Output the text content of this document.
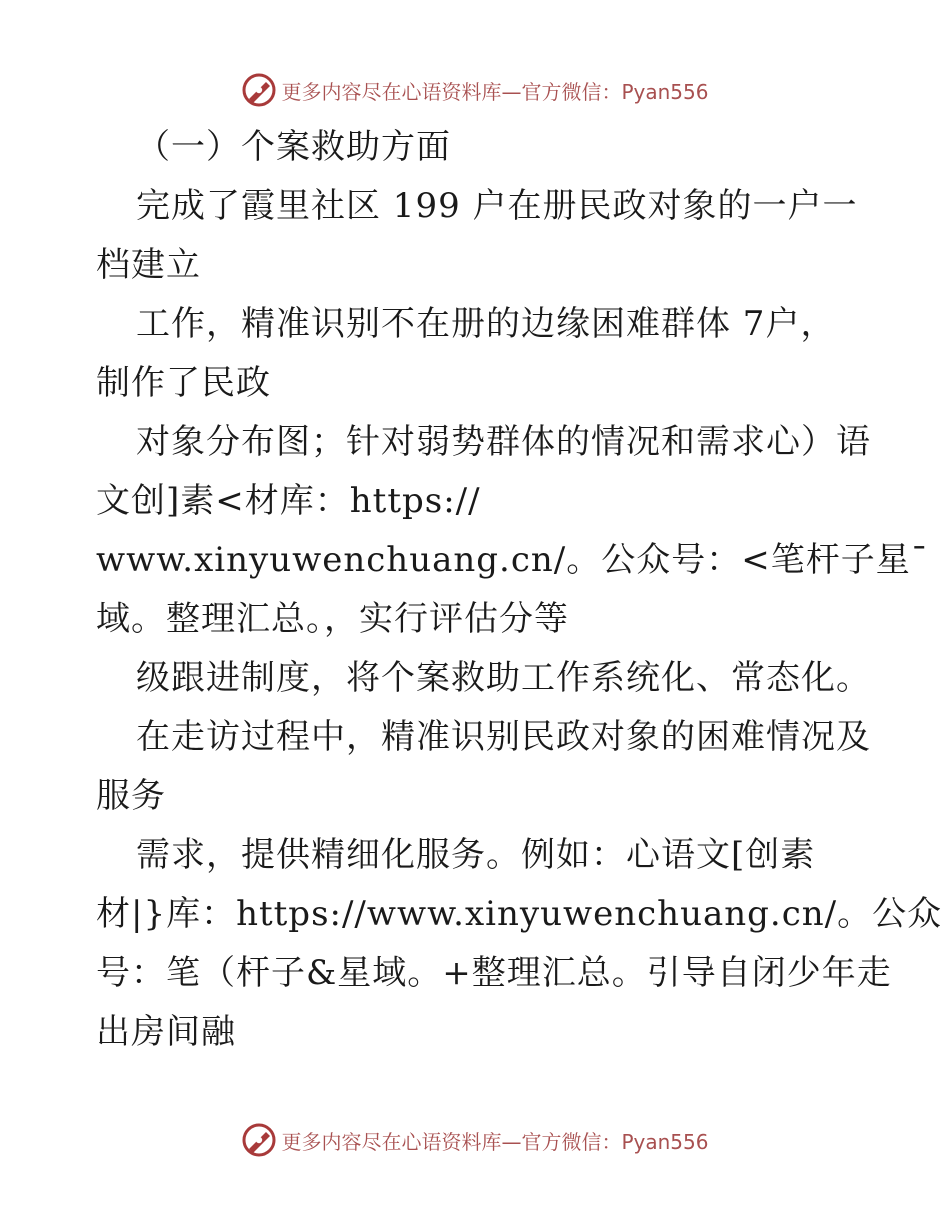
更多内容尽在心语资料库—官方微信：Pyan556
（一）个案救助方面
完成了霞里社区 199 户在册民政对象的一户一
档建立
工作，精准识别不在册的边缘困难群体 7户，
制作了民政
对象分布图；针对弱势群体的情况和需求心）语
文创]素<材库：https://
www.xinyuwenchuang.cn/。公众号：<笔杆子星¯
域。整理汇总。，实行评估分等
级跟进制度，将个案救助工作系统化、常态化。
在走访过程中，精准识别民政对象的困难情况及
服务
需求，提供精细化服务。例如：心语文[创素
材|}库：https://www.xinyuwenchuang.cn/。公众
号：笔（杆子&星域。+整理汇总。引导自闭少年走
出房间融
更多内容尽在心语资料库—官方微信：Pyan556
